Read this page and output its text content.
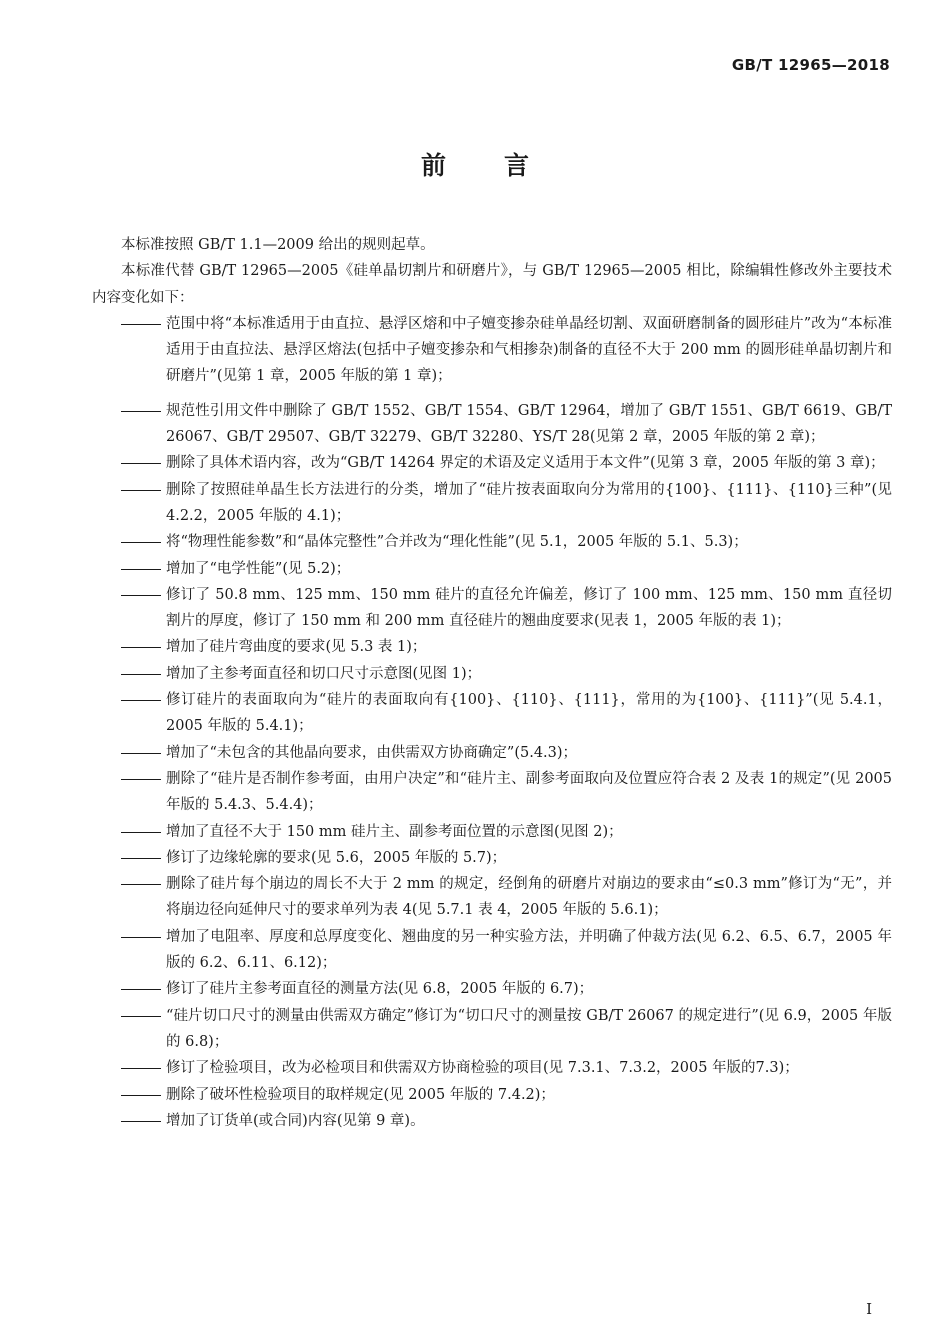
GB/T 12965—2018
前言

本标准按照 GB/T 1.1—2009 给出的规则起草。

本标准代替 GB/T 12965—2005《硅单晶切割片和研磨片》，与 GB/T 12965—2005 相比，除编辑性修改外主要技术内容变化如下：

范围中将“本标准适用于由直拉、悬浮区熔和中子嬗变掺杂硅单晶经切割、双面研磨制备的圆形硅片”改为“本标准适用于由直拉法、悬浮区熔法(包括中子嬗变掺杂和气相掺杂)制备的直径不大于 200 mm 的圆形硅单晶切割片和研磨片”(见第 1 章，2005 年版的第 1 章)；

规范性引用文件中删除了 GB/T 1552、GB/T 1554、GB/T 12964，增加了 GB/T 1551、GB/T 6619、GB/T 26067、GB/T 29507、GB/T 32279、GB/T 32280、YS/T 28(见第 2 章，2005 年版的第 2 章)；

删除了具体术语内容，改为“GB/T 14264 界定的术语及定义适用于本文件”(见第 3 章，2005 年版的第 3 章)；

删除了按照硅单晶生长方法进行的分类，增加了“硅片按表面取向分为常用的{100}、{111}、{110}三种”(见 4.2.2，2005 年版的 4.1)；

将“物理性能参数”和“晶体完整性”合并改为“理化性能”(见 5.1，2005 年版的 5.1、5.3)；

增加了“电学性能”(见 5.2)；

修订了 50.8 mm、125 mm、150 mm 硅片的直径允许偏差，修订了 100 mm、125 mm、150 mm 直径切割片的厚度，修订了 150 mm 和 200 mm 直径硅片的翘曲度要求(见表 1，2005 年版的表 1)；

增加了硅片弯曲度的要求(见 5.3 表 1)；

增加了主参考面直径和切口尺寸示意图(见图 1)；

修订硅片的表面取向为“硅片的表面取向有{100}、{110}、{111}，常用的为{100}、{111}”(见 5.4.1，2005 年版的 5.4.1)；

增加了“未包含的其他晶向要求，由供需双方协商确定”(5.4.3)；

删除了“硅片是否制作参考面，由用户决定”和“硅片主、副参考面取向及位置应符合表 2 及表 1的规定”(见 2005 年版的 5.4.3、5.4.4)；

增加了直径不大于 150 mm 硅片主、副参考面位置的示意图(见图 2)；

修订了边缘轮廓的要求(见 5.6，2005 年版的 5.7)；

删除了硅片每个崩边的周长不大于 2 mm 的规定，经倒角的研磨片对崩边的要求由“≤0.3 mm”修订为“无”，并将崩边径向延伸尺寸的要求单列为表 4(见 5.7.1 表 4，2005 年版的 5.6.1)；

增加了电阻率、厚度和总厚度变化、翘曲度的另一种实验方法，并明确了仲裁方法(见 6.2、6.5、6.7，2005 年版的 6.2、6.11、6.12)；

修订了硅片主参考面直径的测量方法(见 6.8，2005 年版的 6.7)；

“硅片切口尺寸的测量由供需双方确定”修订为“切口尺寸的测量按 GB/T 26067 的规定进行”(见 6.9，2005 年版的 6.8)；

修订了检验项目，改为必检项目和供需双方协商检验的项目(见 7.3.1、7.3.2，2005 年版的7.3)；

删除了破坏性检验项目的取样规定(见 2005 年版的 7.4.2)；

增加了订货单(或合同)内容(见第 9 章)。

I
